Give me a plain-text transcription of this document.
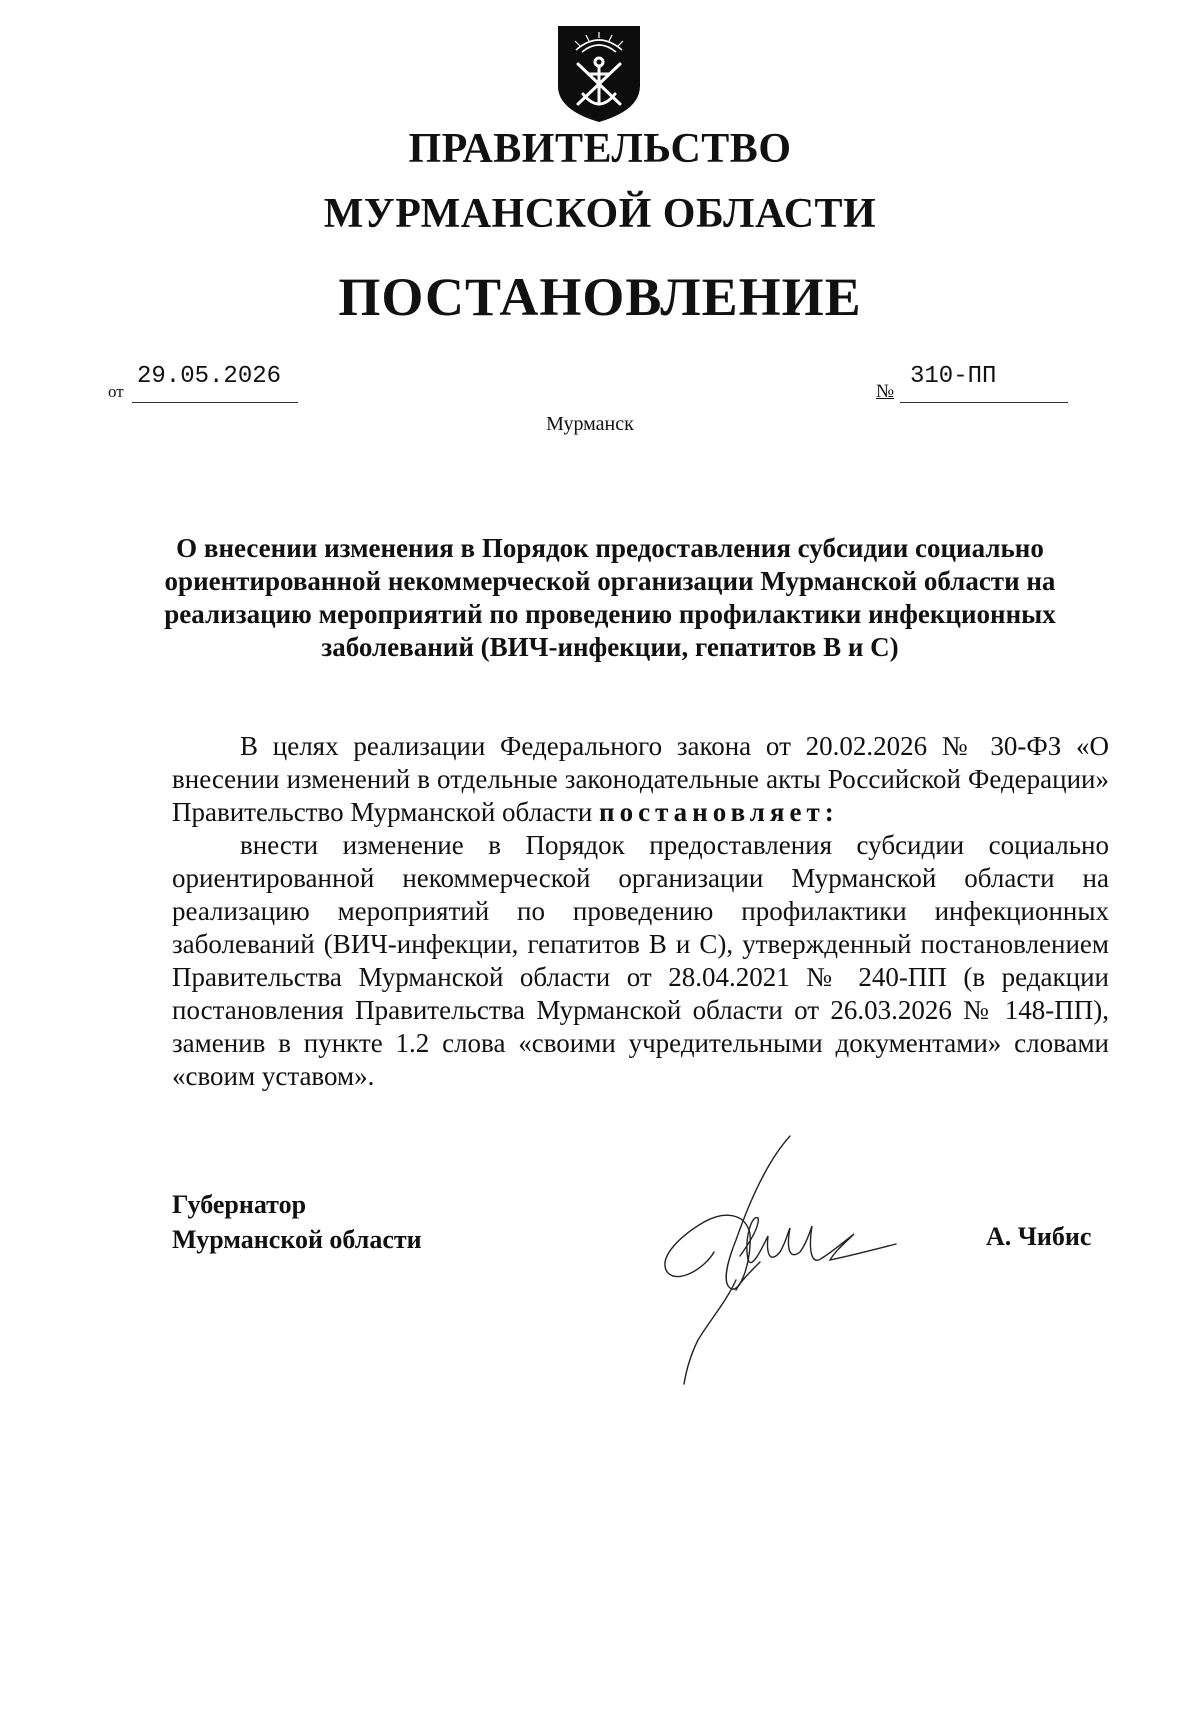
ПРАВИТЕЛЬСТВО
МУРМАНСКОЙ ОБЛАСТИ
ПОСТАНОВЛЕНИЕ
от
29.05.2026
№
310-ПП
Мурманск
О внесении изменения в Порядок предоставления субсидии социально
ориентированной некоммерческой организации Мурманской области на
реализацию мероприятий по проведению профилактики инфекционных
заболеваний (ВИЧ-инфекции, гепатитов В и С)

В целях реализации Федерального закона от 20.02.2026 № 30-ФЗ «О внесении изменений в отдельные законодательные акты Российской Федерации» Правительство Мурманской области постановляет:

внести изменение в Порядок предоставления субсидии социально ориентированной некоммерческой организации Мурманской области на реализацию мероприятий по проведению профилактики инфекционных заболеваний (ВИЧ-инфекции, гепатитов В и С), утвержденный постановлением Правительства Мурманской области от 28.04.2021 № 240-ПП (в редакции постановления Правительства Мурманской области от 26.03.2026 № 148-ПП), заменив в пункте 1.2 слова «своими учредительными документами» словами «своим уставом».

Губернатор
Мурманской области	А. Чибис
